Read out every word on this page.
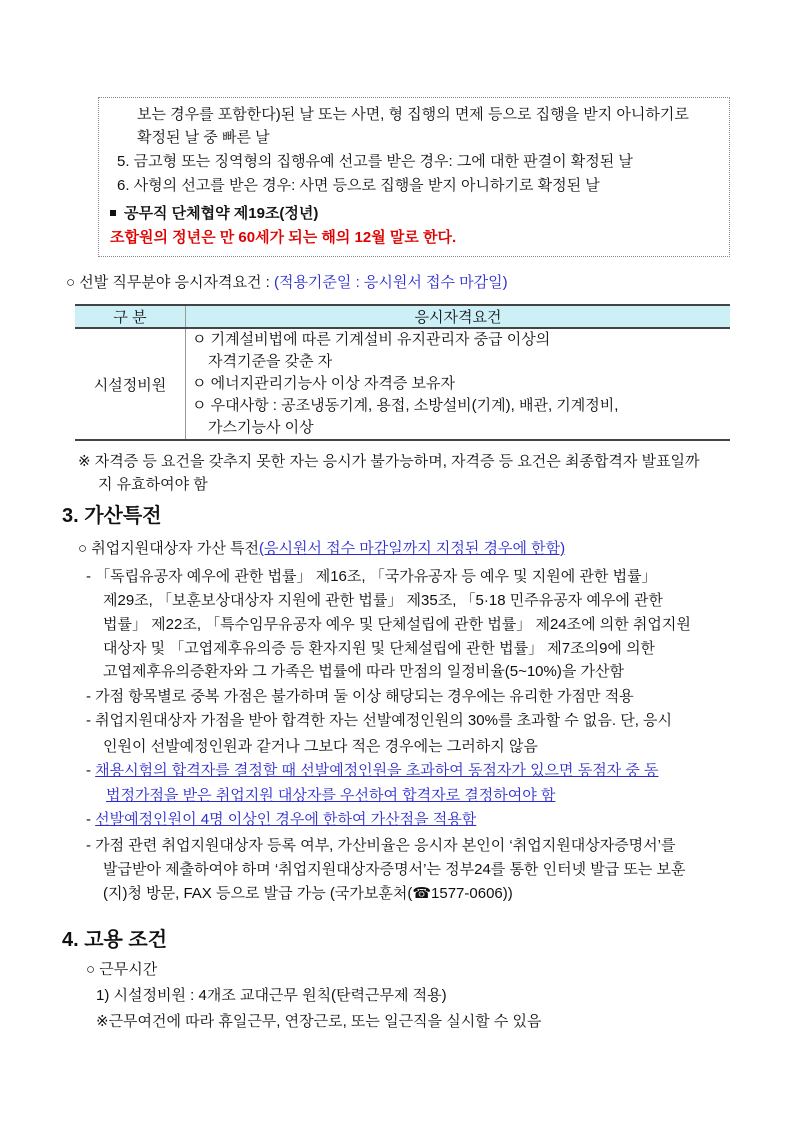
보는 경우를 포함한다)된 날 또는 사면, 형 집행의 면제 등으로 집행을 받지 아니하기로
확정된 날 중 빠른 날
5. 금고형 또는 징역형의 집행유예 선고를 받은 경우: 그에 대한 판결이 확정된 날
6. 사형의 선고를 받은 경우: 사면 등으로 집행을 받지 아니하기로 확정된 날
공무직 단체협약 제19조(정년)
조합원의 정년은 만 60세가 되는 해의 12월 말로 한다.
○ 선발 직무분야 응시자격요건 : (적용기준일 : 응시원서 접수 마감일)
구 분	응시자격요건
시설정비원	ㅇ 기계설비법에 따른 기계설비 유지관리자 중급 이상의
자격기준을 갖춘 자
ㅇ 에너지관리기능사 이상 자격증 보유자
ㅇ 우대사항 : 공조냉동기계, 용접, 소방설비(기계), 배관, 기계정비,
가스기능사 이상
※ 자격증 등 요건을 갖추지 못한 자는 응시가 불가능하며, 자격증 등 요건은 최종합격자 발표일까
지 유효하여야 함
3. 가산특전
○ 취업지원대상자 가산 특전(응시원서 접수 마감일까지 지정된 경우에 한함)
- 「독립유공자 예우에 관한 법률」 제16조, 「국가유공자 등 예우 및 지원에 관한 법률」
제29조, 「보훈보상대상자 지원에 관한 법률」 제35조, 「5·18 민주유공자 예우에 관한
법률」 제22조, 「특수임무유공자 예우 및 단체설립에 관한 법률」 제24조에 의한 취업지원
대상자 및 「고엽제후유의증 등 환자지원 및 단체설립에 관한 법률」 제7조의9에 의한
고엽제후유의증환자와 그 가족은 법률에 따라 만점의 일정비율(5~10%)을 가산함
- 가점 항목별로 중복 가점은 불가하며 둘 이상 해당되는 경우에는 유리한 가점만 적용
- 취업지원대상자 가점을 받아 합격한 자는 선발예정인원의 30%를 초과할 수 없음. 단, 응시
인원이 선발예정인원과 같거나 그보다 적은 경우에는 그러하지 않음
- 채용시험의 합격자를 결정할 때 선발예정인원을 초과하여 동점자가 있으면 동점자 중 동
법정가점을 받은 취업지원 대상자를 우선하여 합격자로 결정하여야 함
- 선발예정인원이 4명 이상인 경우에 한하여 가산점을 적용함
- 가점 관련 취업지원대상자 등록 여부, 가산비율은 응시자 본인이 ‘취업지원대상자증명서’를
발급받아 제출하여야 하며 ‘취업지원대상자증명서’는 정부24를 통한 인터넷 발급 또는 보훈
(지)청 방문, FAX 등으로 발급 가능 (국가보훈처(☎1577-0606))
4. 고용 조건
○ 근무시간
1) 시설정비원 : 4개조 교대근무 원칙(탄력근무제 적용)
※근무여건에 따라 휴일근무, 연장근로, 또는 일근직을 실시할 수 있음
